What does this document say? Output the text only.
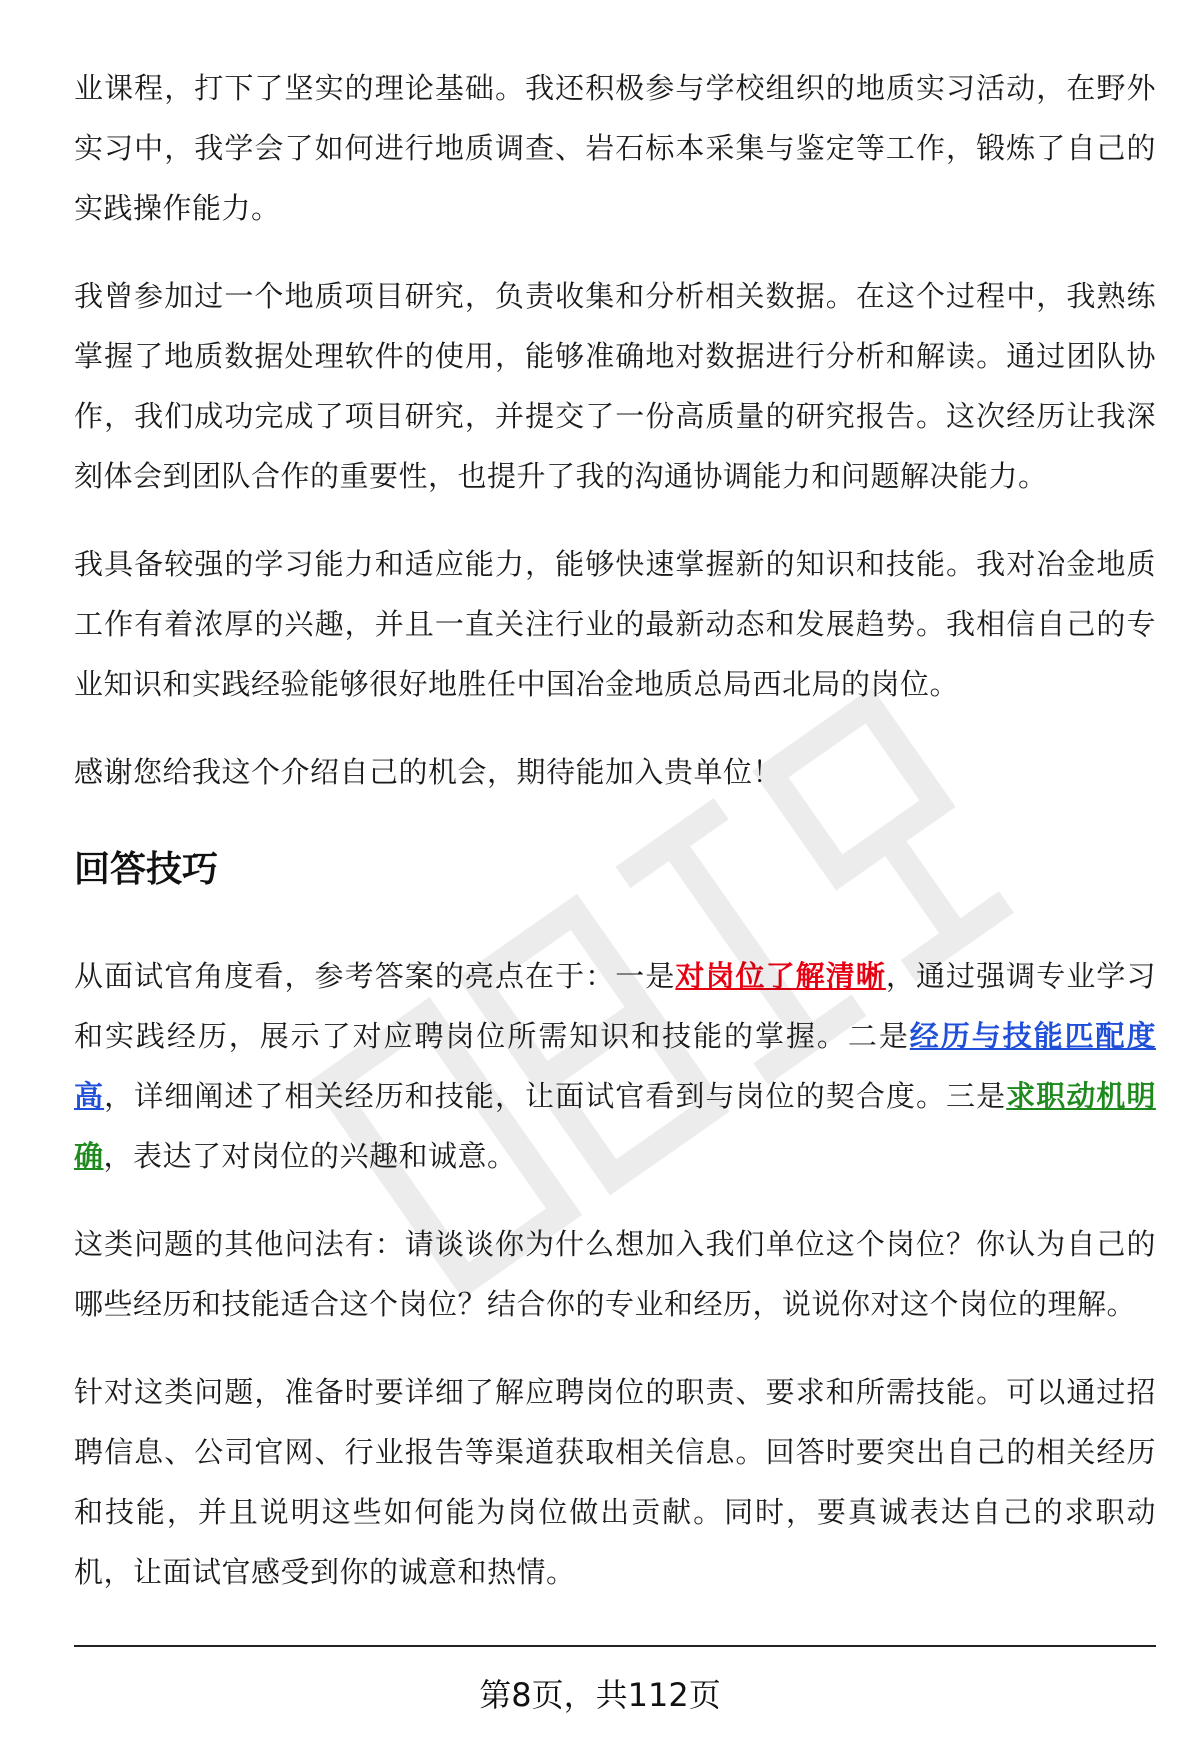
业课程，打下了坚实的理论基础。我还积极参与学校组织的地质实习活动，在野外实习中，我学会了如何进行地质调查、岩石标本采集与鉴定等工作，锻炼了自己的实践操作能力。

我曾参加过一个地质项目研究，负责收集和分析相关数据。在这个过程中，我熟练掌握了地质数据处理软件的使用，能够准确地对数据进行分析和解读。通过团队协作，我们成功完成了项目研究，并提交了一份高质量的研究报告。这次经历让我深刻体会到团队合作的重要性，也提升了我的沟通协调能力和问题解决能力。

我具备较强的学习能力和适应能力，能够快速掌握新的知识和技能。我对冶金地质工作有着浓厚的兴趣，并且一直关注行业的最新动态和发展趋势。我相信自己的专业知识和实践经验能够很好地胜任中国冶金地质总局西北局的岗位。

感谢您给我这个介绍自己的机会，期待能加入贵单位！

回答技巧

从面试官角度看，参考答案的亮点在于：一是对岗位了解清晰，通过强调专业学习和实践经历，展示了对应聘岗位所需知识和技能的掌握。二是经历与技能匹配度高，详细阐述了相关经历和技能，让面试官看到与岗位的契合度。三是求职动机明确，表达了对岗位的兴趣和诚意。

这类问题的其他问法有：请谈谈你为什么想加入我们单位这个岗位？你认为自己的哪些经历和技能适合这个岗位？结合你的专业和经历，说说你对这个岗位的理解。

针对这类问题，准备时要详细了解应聘岗位的职责、要求和所需技能。可以通过招聘信息、公司官网、行业报告等渠道获取相关信息。回答时要突出自己的相关经历和技能，并且说明这些如何能为岗位做出贡献。同时，要真诚表达自己的求职动机，让面试官感受到你的诚意和热情。

第8页，共112页
